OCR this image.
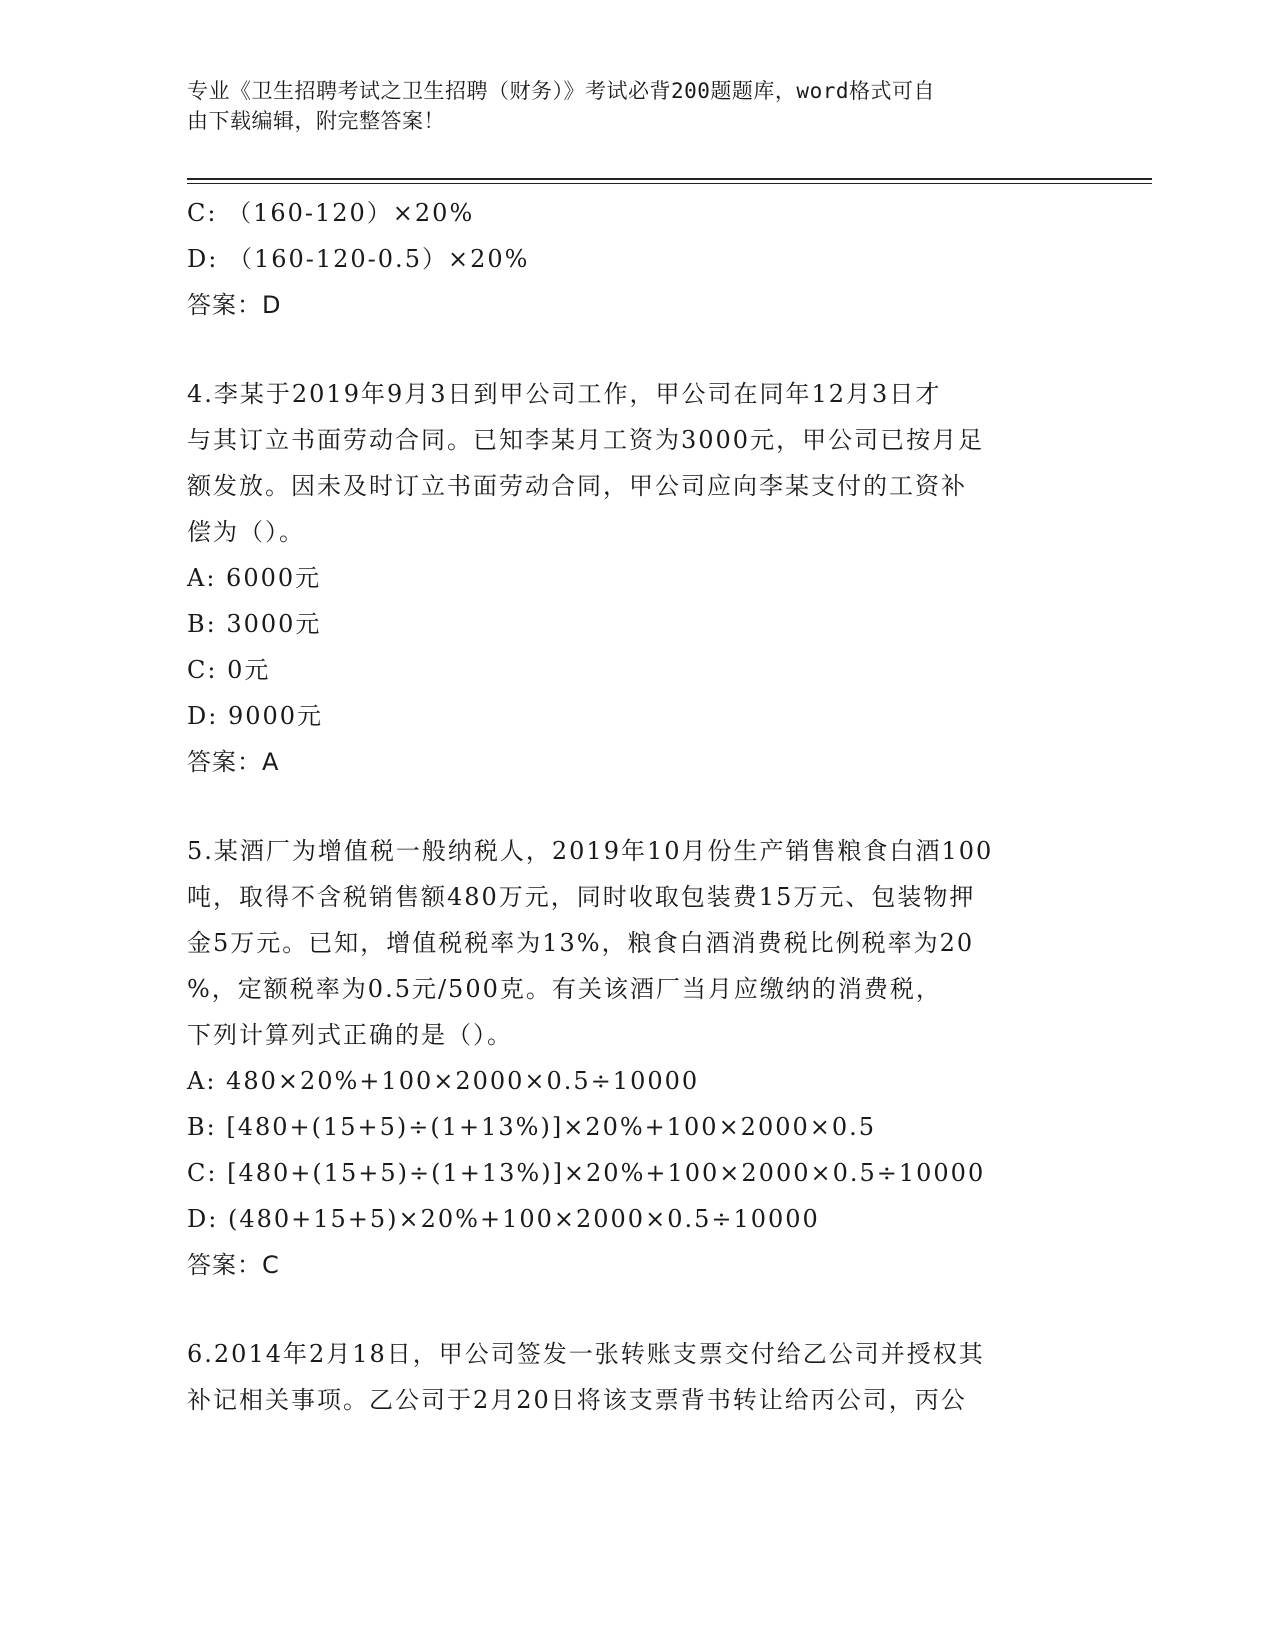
专业《卫生招聘考试之卫生招聘（财务）》考试必背200题题库，word格式可自
由下载编辑，附完整答案！
C: （160-120）×20%
D: （160-120-0.5）×20%
答案：D
4.李某于2019年9月3日到甲公司工作，甲公司在同年12月3日才
与其订立书面劳动合同。已知李某月工资为3000元，甲公司已按月足
额发放。因未及时订立书面劳动合同，甲公司应向李某支付的工资补
偿为（）。
A: 6000元
B: 3000元
C: 0元
D: 9000元
答案：A
5.某酒厂为增值税一般纳税人，2019年10月份生产销售粮食白酒100
吨，取得不含税销售额480万元，同时收取包装费15万元、包装物押
金5万元。已知，增值税税率为13%，粮食白酒消费税比例税率为20
%，定额税率为0.5元/500克。有关该酒厂当月应缴纳的消费税，
下列计算列式正确的是（）。
A: 480×20%+100×2000×0.5÷10000
B: [480+(15+5)÷(1+13%)]×20%+100×2000×0.5
C: [480+(15+5)÷(1+13%)]×20%+100×2000×0.5÷10000
D: (480+15+5)×20%+100×2000×0.5÷10000
答案：C
6.2014年2月18日，甲公司签发一张转账支票交付给乙公司并授权其
补记相关事项。乙公司于2月20日将该支票背书转让给丙公司，丙公
